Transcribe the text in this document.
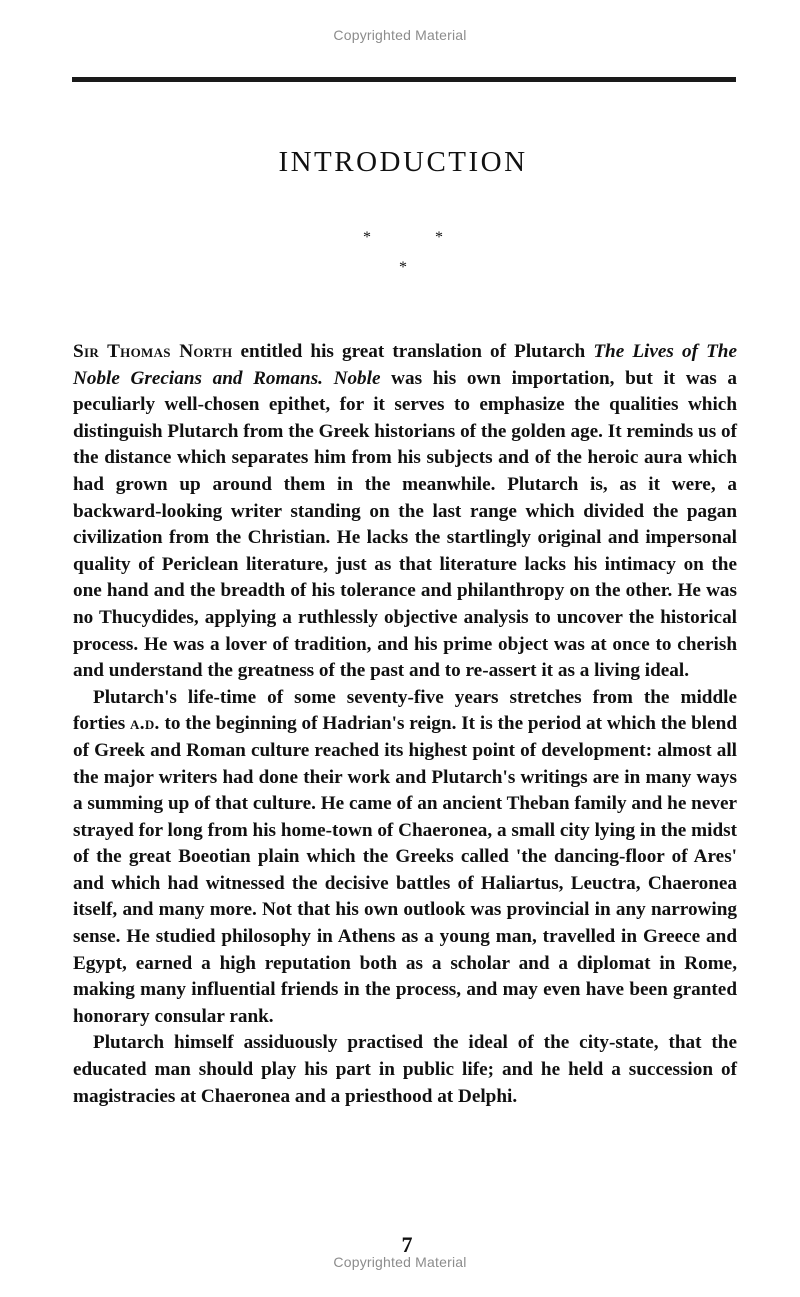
Copyrighted Material
INTRODUCTION
* *
*

Sir Thomas North entitled his great translation of Plutarch The Lives of The Noble Grecians and Romans. Noble was his own importation, but it was a peculiarly well-chosen epithet, for it serves to emphasize the qualities which distinguish Plutarch from the Greek historians of the golden age. It reminds us of the distance which separates him from his subjects and of the heroic aura which had grown up around them in the meanwhile. Plutarch is, as it were, a backward-looking writer standing on the last range which divided the pagan civilization from the Christian. He lacks the startlingly original and impersonal quality of Periclean literature, just as that literature lacks his intimacy on the one hand and the breadth of his tolerance and philanthropy on the other. He was no Thucydides, applying a ruthlessly objective analysis to uncover the historical process. He was a lover of tradition, and his prime object was at once to cherish and understand the greatness of the past and to re-assert it as a living ideal.

Plutarch's life-time of some seventy-five years stretches from the middle forties a.d. to the beginning of Hadrian's reign. It is the period at which the blend of Greek and Roman culture reached its highest point of development: almost all the major writers had done their work and Plutarch's writings are in many ways a summing up of that culture. He came of an ancient Theban family and he never strayed for long from his home-town of Chaeronea, a small city lying in the midst of the great Boeotian plain which the Greeks called 'the dancing-floor of Ares' and which had witnessed the decisive battles of Haliartus, Leuctra, Chaeronea itself, and many more. Not that his own outlook was provincial in any narrowing sense. He studied philosophy in Athens as a young man, travelled in Greece and Egypt, earned a high reputation both as a scholar and a diplomat in Rome, making many influential friends in the process, and may even have been granted honorary consular rank.

Plutarch himself assiduously practised the ideal of the city-state, that the educated man should play his part in public life; and he held a succession of magistracies at Chaeronea and a priesthood at Delphi.

7
Copyrighted Material
